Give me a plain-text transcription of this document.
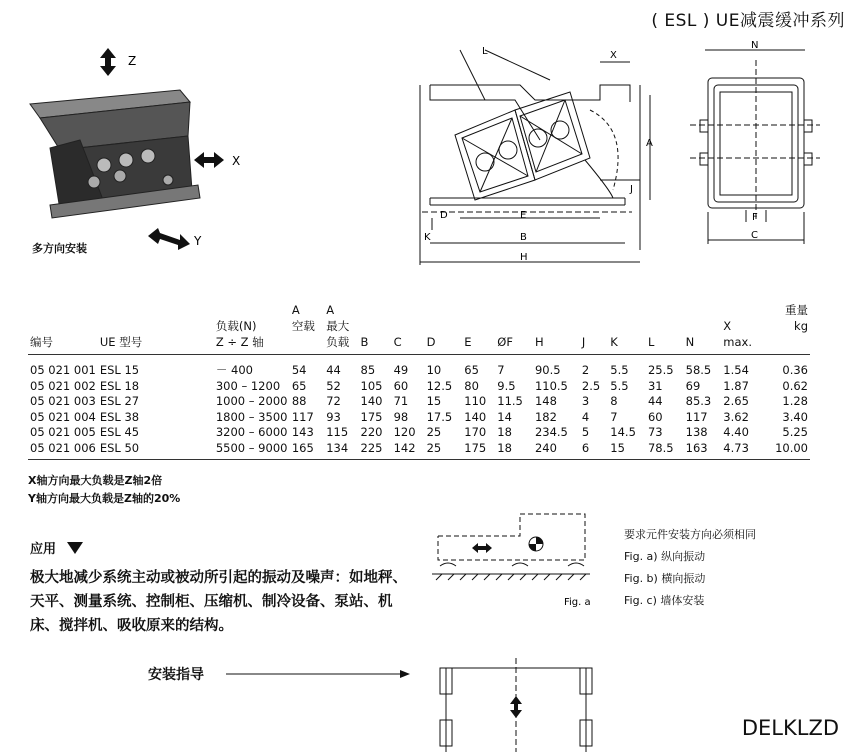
( ESL ) UE减震缓冲系列
Z
X
Y
多方向安装
L	X
A
D	E
J
K	B
H
N
F
C
编号	UE 型号	负载(N)
Z ÷ Z 轴	A
空载	A
最大
负载	B	C	D	E	ØF	H	J	K	L	N	X
max.	重量
kg

05 021 001	ESL 15	－ 400	54	44	85	49	10	65	7	90.5	2	5.5	25.5	58.5	1.54	0.36
05 021 002	ESL 18	300 – 1200	65	52	105	60	12.5	80	9.5	110.5	2.5	5.5	31	69	1.87	0.62
05 021 003	ESL 27	1000 – 2000	88	72	140	71	15	110	11.5	148	3	8	44	85.3	2.65	1.28
05 021 004	ESL 38	1800 – 3500	117	93	175	98	17.5	140	14	182	4	7	60	117	3.62	3.40
05 021 005	ESL 45	3200 – 6000	143	115	220	120	25	170	18	234.5	5	14.5	73	138	4.40	5.25
05 021 006	ESL 50	5500 – 9000	165	134	225	142	25	175	18	240	6	15	78.5	163	4.73	10.00
X轴方向最大负载是Z轴2倍
Y轴方向最大负载是Z轴的20%
应用
极大地减少系统主动或被动所引起的振动及噪声：如地秤、天平、测量系统、控制柜、压缩机、制冷设备、泵站、机床、搅拌机、吸收原来的结构。
Fig. a
要求元件安装方向必须相同
Fig. a) 纵向振动
Fig. b) 横向振动
Fig. c) 墙体安装
安装指导
DELKLZD
